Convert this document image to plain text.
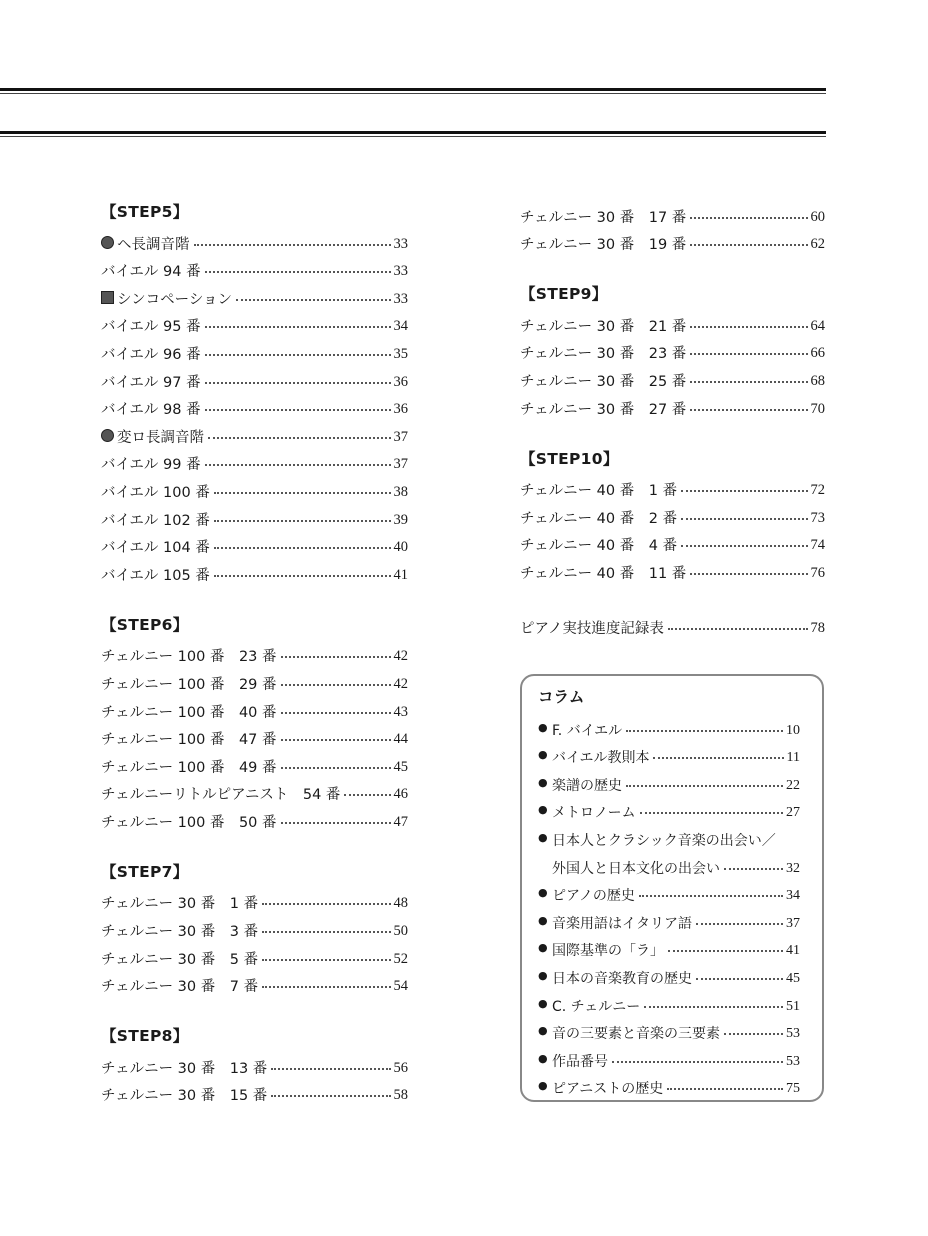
【STEP5】
ヘ長調音階	33
バイエル 94 番	33
シンコペーション	33
バイエル 95 番	34
バイエル 96 番	35
バイエル 97 番	36
バイエル 98 番	36
変ロ長調音階	37
バイエル 99 番	37
バイエル 100 番	38
バイエル 102 番	39
バイエル 104 番	40
バイエル 105 番	41
【STEP6】
チェルニー 100 番　23 番	42
チェルニー 100 番　29 番	42
チェルニー 100 番　40 番	43
チェルニー 100 番　47 番	44
チェルニー 100 番　49 番	45
チェルニーリトルピアニスト　54 番	46
チェルニー 100 番　50 番	47
【STEP7】
チェルニー 30 番　1 番	48
チェルニー 30 番　3 番	50
チェルニー 30 番　5 番	52
チェルニー 30 番　7 番	54
【STEP8】
チェルニー 30 番　13 番	56
チェルニー 30 番　15 番	58
チェルニー 30 番　17 番	60
チェルニー 30 番　19 番	62
【STEP9】
チェルニー 30 番　21 番	64
チェルニー 30 番　23 番	66
チェルニー 30 番　25 番	68
チェルニー 30 番　27 番	70
【STEP10】
チェルニー 40 番　1 番	72
チェルニー 40 番　2 番	73
チェルニー 40 番　4 番	74
チェルニー 40 番　11 番	76
ピアノ実技進度記録表	78
コラム
● F. バイエル	10
● バイエル教則本	11
● 楽譜の歴史	22
● メトロノーム	27
● 日本人とクラシック音楽の出会い／
外国人と日本文化の出会い	32
● ピアノの歴史	34
● 音楽用語はイタリア語	37
● 国際基準の「ラ」	41
● 日本の音楽教育の歴史	45
● C. チェルニー	51
● 音の三要素と音楽の三要素	53
● 作品番号	53
● ピアニストの歴史	75
